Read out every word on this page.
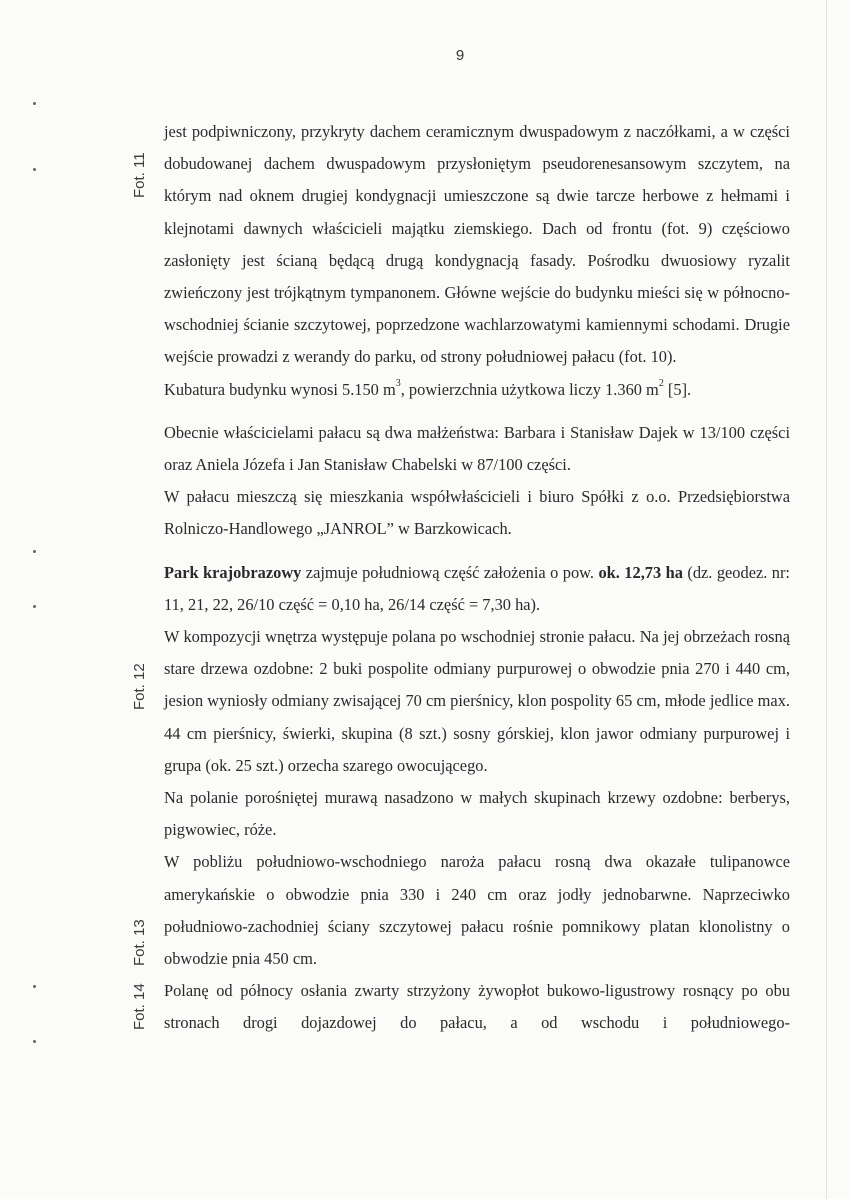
9
Fot. 11
Fot. 12
Fot. 13
Fot. 14

jest podpiwniczony, przykryty dachem ceramicznym dwuspadowym z naczółkami, a w części dobudowanej dachem dwuspadowym przysłoniętym pseudorenesansowym szczytem, na którym nad oknem drugiej kondygnacji umieszczone są dwie tarcze herbowe z hełmami i klejnotami dawnych właścicieli majątku ziemskiego. Dach od frontu (fot. 9) częściowo zasłonięty jest ścianą będącą drugą kondygnacją fasady. Pośrodku dwuosiowy ryzalit zwieńczony jest trójkątnym tympanonem. Główne wejście do budynku mieści się w północno-wschodniej ścianie szczytowej, poprzedzone wachlarzowatymi kamiennymi schodami. Drugie wejście prowadzi z werandy do parku, od strony południowej pałacu (fot. 10).

Kubatura budynku wynosi 5.150 $m^3$, powierzchnia użytkowa liczy 1.360 $m^2$ [5].

Obecnie właścicielami pałacu są dwa małżeństwa: Barbara i Stanisław Dajek w 13/100 części oraz Aniela Józefa i Jan Stanisław Chabelski w 87/100 części.

W pałacu mieszczą się mieszkania współwłaścicieli i biuro Spółki z o.o. Przedsiębiorstwa Rolniczo-Handlowego „JANROL” w Barzkowicach.

Park krajobrazowy zajmuje południową część założenia o pow. ok. 12,73 ha (dz. geodez. nr: 11, 21, 22, 26/10 część = 0,10 ha, 26/14 część = 7,30 ha).

W kompozycji wnętrza występuje polana po wschodniej stronie pałacu. Na jej obrzeżach rosną stare drzewa ozdobne: 2 buki pospolite odmiany purpurowej o obwodzie pnia 270 i 440 cm, jesion wyniosły odmiany zwisającej 70 cm pierśnicy, klon pospolity 65 cm, młode jedlice max. 44 cm pierśnicy, świerki, skupina (8 szt.) sosny górskiej, klon jawor odmiany purpurowej i grupa (ok. 25 szt.) orzecha szarego owocującego.

Na polanie porośniętej murawą nasadzono w małych skupinach krzewy ozdobne: berberys, pigwowiec, róże.

W pobliżu południowo-wschodniego naroża pałacu rosną dwa okazałe tulipanowce amerykańskie o obwodzie pnia 330 i 240 cm oraz jodły jednobarwne. Naprzeciwko południowo-zachodniej ściany szczytowej pałacu rośnie pomnikowy platan klonolistny o obwodzie pnia 450 cm.

Polanę od północy osłania zwarty strzyżony żywopłot bukowo-ligustrowy rosnący po obu stronach drogi dojazdowej do pałacu, a od wschodu i południowego-
